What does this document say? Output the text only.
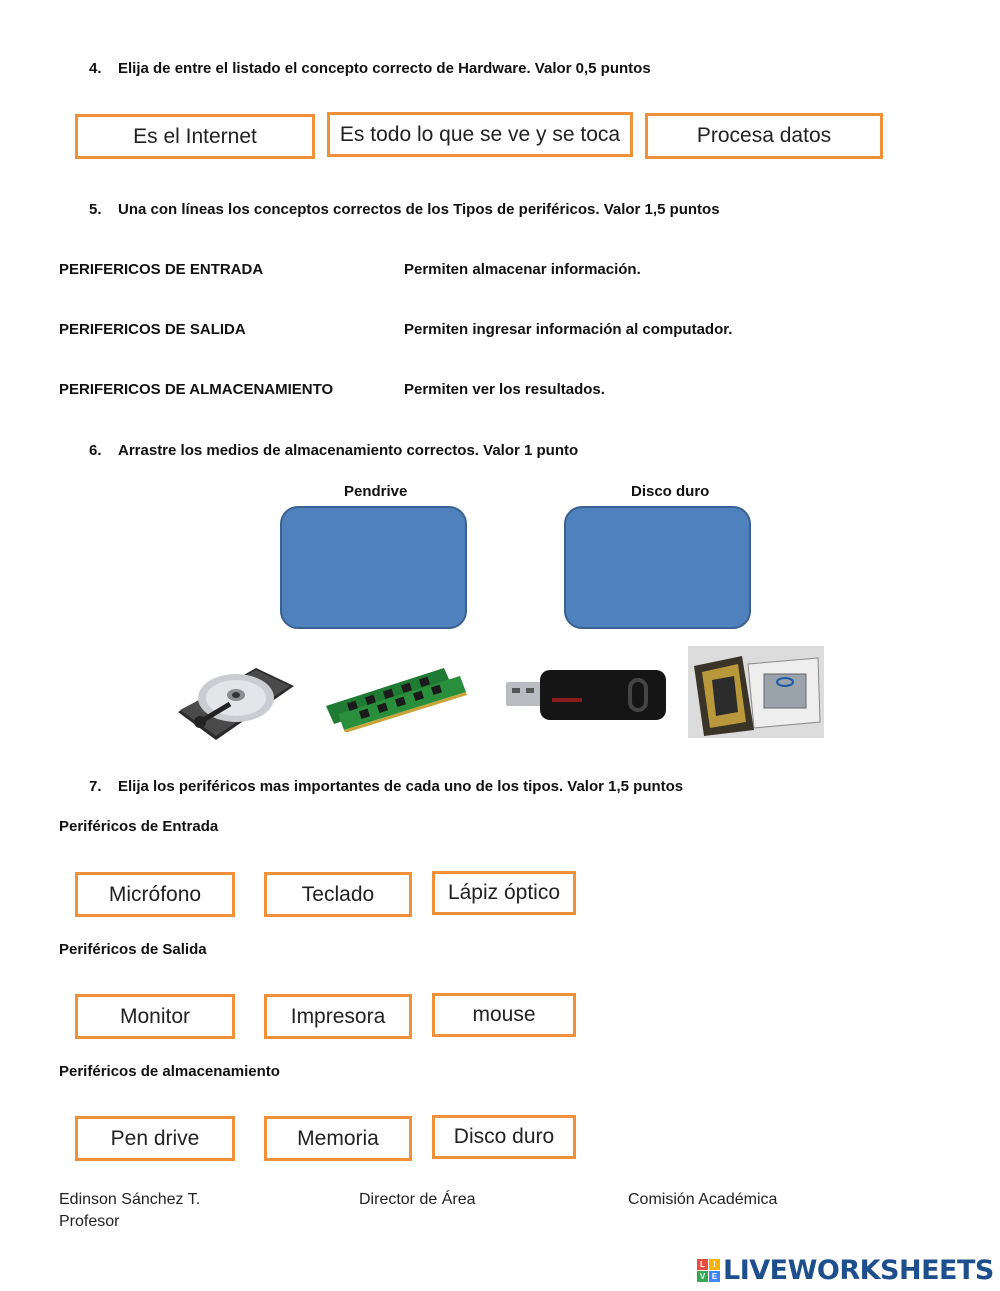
4. Elija de entre el listado el concepto correcto de Hardware. Valor 0,5 puntos
Es el Internet	Es todo lo que se ve y se toca	Procesa datos
5. Una con líneas los conceptos correctos de los Tipos de periféricos. Valor 1,5 puntos
PERIFERICOS DE ENTRADA	Permiten almacenar información.
PERIFERICOS DE SALIDA	Permiten ingresar información al computador.
PERIFERICOS DE ALMACENAMIENTO	Permiten ver los resultados.
6. Arrastre los medios de almacenamiento correctos. Valor 1 punto
Pendrive	Disco duro
7. Elija los periféricos mas importantes de cada uno de los tipos. Valor 1,5 puntos
Periféricos de Entrada
Micrófono	Teclado	Lápiz óptico
Periféricos de Salida
Monitor	Impresora	mouse
Periféricos de almacenamiento
Pen drive	Memoria	Disco duro
Edinson Sánchez T.
Profesor
Director de Área	Comisión Académica
L	I
V E LIVEWORKSHEETS
